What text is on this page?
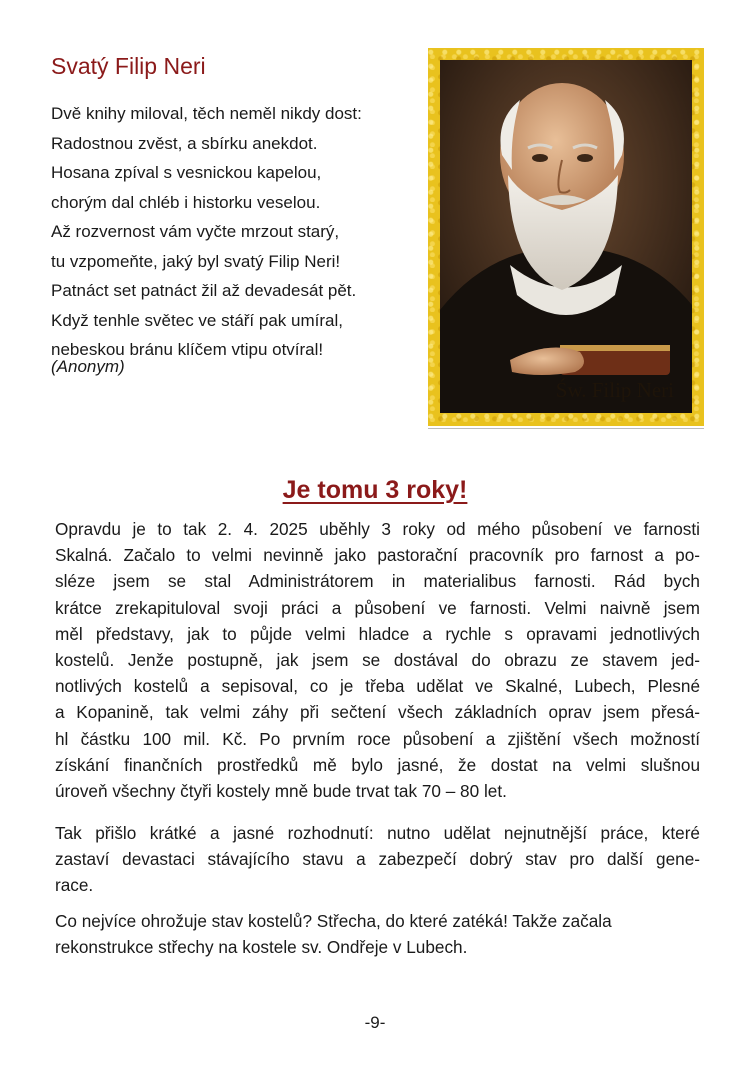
Svatý Filip Neri
Dvě knihy miloval, těch neměl nikdy dost:
Radostnou zvěst, a sbírku anekdot.
Hosana zpíval s vesnickou kapelou,
chorým dal chléb i historku veselou.
Až rozvernost vám vyčte mrzout starý,
tu vzpomeňte, jaký byl svatý Filip Neri!
Patnáct set patnáct žil až devadesát pět.
Když tenhle světec ve stáří pak umíral,
nebeskou bránu klíčem vtipu otvíral!
(Anonym)
Św. Filip Neri
Je tomu 3 roky!
Opravdu je to tak 2. 4. 2025 uběhly 3 roky od mého působení ve farnosti
Skalná. Začalo to velmi nevinně jako pastorační pracovník pro farnost a po-
sléze jsem se stal Administrátorem in materialibus farnosti. Rád bych
krátce zrekapituloval svoji práci a působení ve farnosti. Velmi naivně jsem
měl představy, jak to půjde velmi hladce a rychle s opravami jednotlivých
kostelů. Jenže postupně, jak jsem se dostával do obrazu ze stavem jed-
notlivých kostelů a sepisoval, co je třeba udělat ve Skalné, Lubech, Plesné
a Kopanině, tak velmi záhy při sečtení všech základních oprav jsem přesá-
hl částku 100 mil. Kč. Po prvním roce působení a zjištění všech možností
získání finančních prostředků mě bylo jasné, že dostat na velmi slušnou
úroveň všechny čtyři kostely mně bude trvat tak 70 – 80 let.
Tak přišlo krátké a jasné rozhodnutí: nutno udělat nejnutnější práce, které
zastaví devastaci stávajícího stavu a zabezpečí dobrý stav pro další gene-
race.
Co nejvíce ohrožuje stav kostelů? Střecha, do které zatéká! Takže začala
rekonstrukce střechy na kostele sv. Ondřeje v Lubech.
-9-
